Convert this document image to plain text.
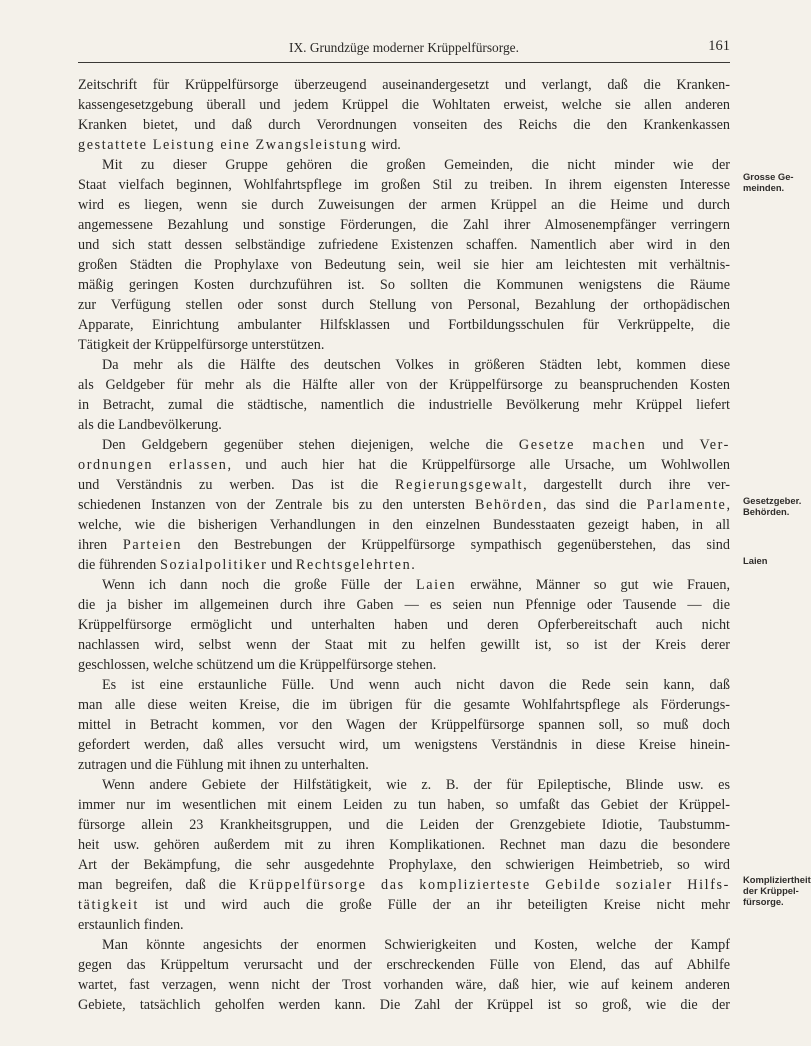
IX. Grundzüge moderner Krüppelfürsorge.	161
Zeitschrift für Krüppelfürsorge überzeugend auseinandergesetzt und verlangt, daß die Kranken-
kassengesetzgebung überall und jedem Krüppel die Wohltaten erweist, welche sie allen anderen
Kranken bietet, und daß durch Verordnungen vonseiten des Reichs die den Krankenkassen
gestattete Leistung eine Zwangsleistung wird.
Mit zu dieser Gruppe gehören die großen Gemeinden, die nicht minder wie der
Staat vielfach beginnen, Wohlfahrtspflege im großen Stil zu treiben. In ihrem eigensten Interesse
wird es liegen, wenn sie durch Zuweisungen der armen Krüppel an die Heime und durch
angemessene Bezahlung und sonstige Förderungen, die Zahl ihrer Almosenempfänger verringern
und sich statt dessen selbständige zufriedene Existenzen schaffen. Namentlich aber wird in den
großen Städten die Prophylaxe von Bedeutung sein, weil sie hier am leichtesten mit verhältnis-
mäßig geringen Kosten durchzuführen ist. So sollten die Kommunen wenigstens die Räume
zur Verfügung stellen oder sonst durch Stellung von Personal, Bezahlung der orthopädischen
Apparate, Einrichtung ambulanter Hilfsklassen und Fortbildungsschulen für Verkrüppelte, die
Tätigkeit der Krüppelfürsorge unterstützen.
Da mehr als die Hälfte des deutschen Volkes in größeren Städten lebt, kommen diese
als Geldgeber für mehr als die Hälfte aller von der Krüppelfürsorge zu beanspruchenden Kosten
in Betracht, zumal die städtische, namentlich die industrielle Bevölkerung mehr Krüppel liefert
als die Landbevölkerung.
Den Geldgebern gegenüber stehen diejenigen, welche die Gesetze machen und Ver-
ordnungen erlassen, und auch hier hat die Krüppelfürsorge alle Ursache, um Wohlwollen
und Verständnis zu werben. Das ist die Regierungsgewalt, dargestellt durch ihre ver-
schiedenen Instanzen von der Zentrale bis zu den untersten Behörden, das sind die Parlamente,
welche, wie die bisherigen Verhandlungen in den einzelnen Bundesstaaten gezeigt haben, in all
ihren Parteien den Bestrebungen der Krüppelfürsorge sympathisch gegenüberstehen, das sind
die führenden Sozialpolitiker und Rechtsgelehrten.
Wenn ich dann noch die große Fülle der Laien erwähne, Männer so gut wie Frauen,
die ja bisher im allgemeinen durch ihre Gaben — es seien nun Pfennige oder Tausende — die
Krüppelfürsorge ermöglicht und unterhalten haben und deren Opferbereitschaft auch nicht
nachlassen wird, selbst wenn der Staat mit zu helfen gewillt ist, so ist der Kreis derer
geschlossen, welche schützend um die Krüppelfürsorge stehen.
Es ist eine erstaunliche Fülle. Und wenn auch nicht davon die Rede sein kann, daß
man alle diese weiten Kreise, die im übrigen für die gesamte Wohlfahrtspflege als Förderungs-
mittel in Betracht kommen, vor den Wagen der Krüppelfürsorge spannen soll, so muß doch
gefordert werden, daß alles versucht wird, um wenigstens Verständnis in diese Kreise hinein-
zutragen und die Fühlung mit ihnen zu unterhalten.
Wenn andere Gebiete der Hilfstätigkeit, wie z. B. der für Epileptische, Blinde usw. es
immer nur im wesentlichen mit einem Leiden zu tun haben, so umfaßt das Gebiet der Krüppel-
fürsorge allein 23 Krankheitsgruppen, und die Leiden der Grenzgebiete Idiotie, Taubstumm-
heit usw. gehören außerdem mit zu ihren Komplikationen. Rechnet man dazu die besondere
Art der Bekämpfung, die sehr ausgedehnte Prophylaxe, den schwierigen Heimbetrieb, so wird
man begreifen, daß die Krüppelfürsorge das komplizierteste Gebilde sozialer Hilfs-
tätigkeit ist und wird auch die große Fülle der an ihr beteiligten Kreise nicht mehr
erstaunlich finden.
Man könnte angesichts der enormen Schwierigkeiten und Kosten, welche der Kampf
gegen das Krüppeltum verursacht und der erschreckenden Fülle von Elend, das auf Abhilfe
wartet, fast verzagen, wenn nicht der Trost vorhanden wäre, daß hier, wie auf keinem anderen
Gebiete, tatsächlich geholfen werden kann. Die Zahl der Krüppel ist so groß, wie die der
Grosse Ge-
meinden.
Gesetzgeber.
Behörden.
Laien
Kompliziertheit
der Krüppel-
fürsorge.
